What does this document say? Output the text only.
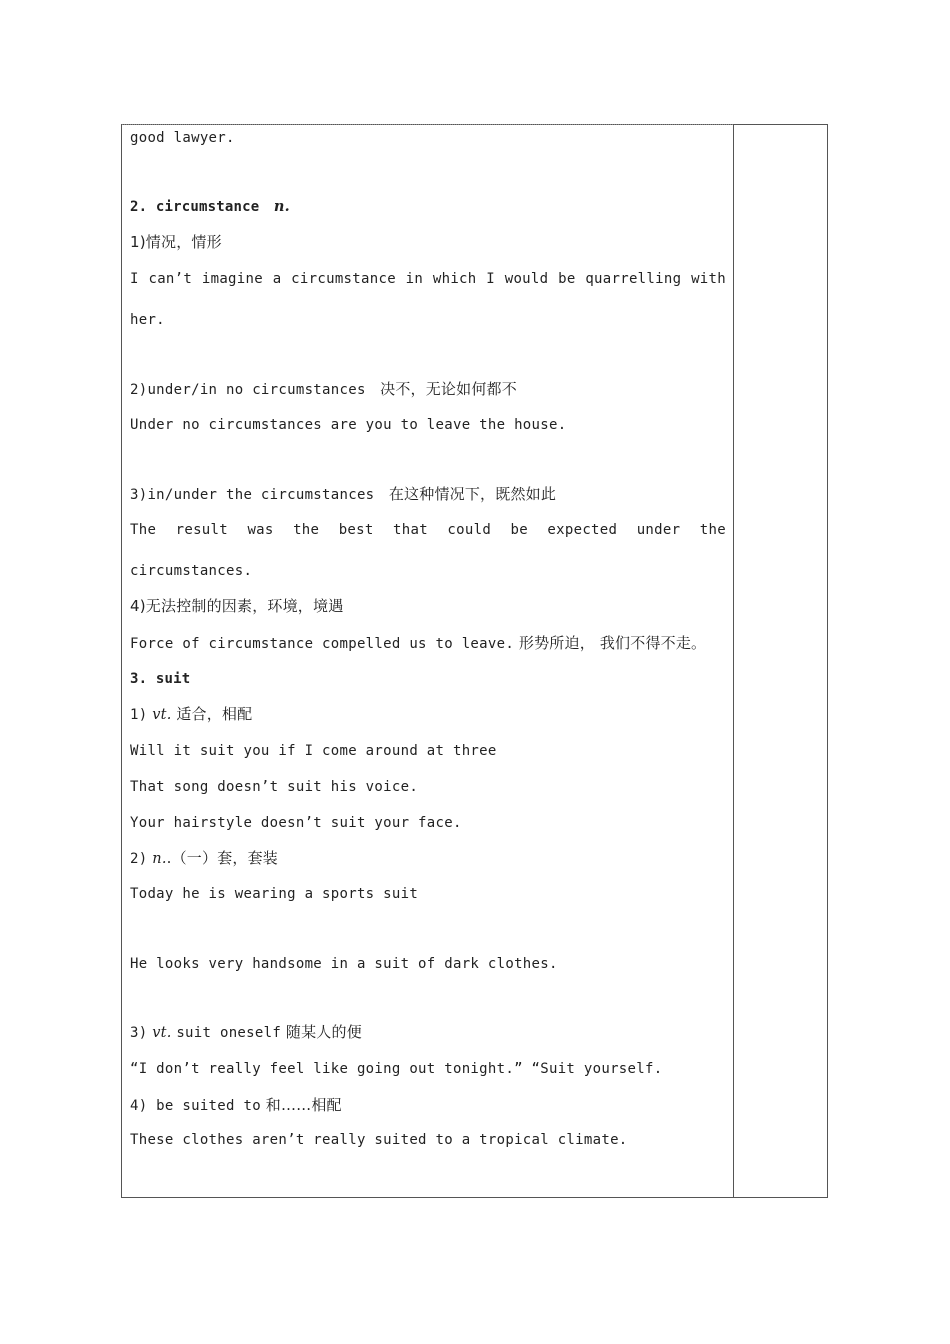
good lawyer.
2. circumstance n.
1)情况，情形
I can’t imagine a circumstance in which I would be quarrelling with
her.
2)under/in no circumstances 决不，无论如何都不
Under no circumstances are you to leave the house.
3)in/under the circumstances 在这种情况下，既然如此
The result was the best that could be expected under the
circumstances.
4)无法控制的因素，环境，境遇
Force of circumstance compelled us to leave. 形势所迫， 我们不得不走。
3. suit
1) vt. 适合，相配
Will it suit you if I come around at three
That song doesn’t suit his voice.
Your hairstyle doesn’t suit your face.
2) n..（一）套，套装
Today he is wearing a sports suit
He looks very handsome in a suit of dark clothes.
3) vt. suit oneself 随某人的便
“I don’t really feel like going out tonight.” “Suit yourself.
4) be suited to 和……相配
These clothes aren’t really suited to a tropical climate.
